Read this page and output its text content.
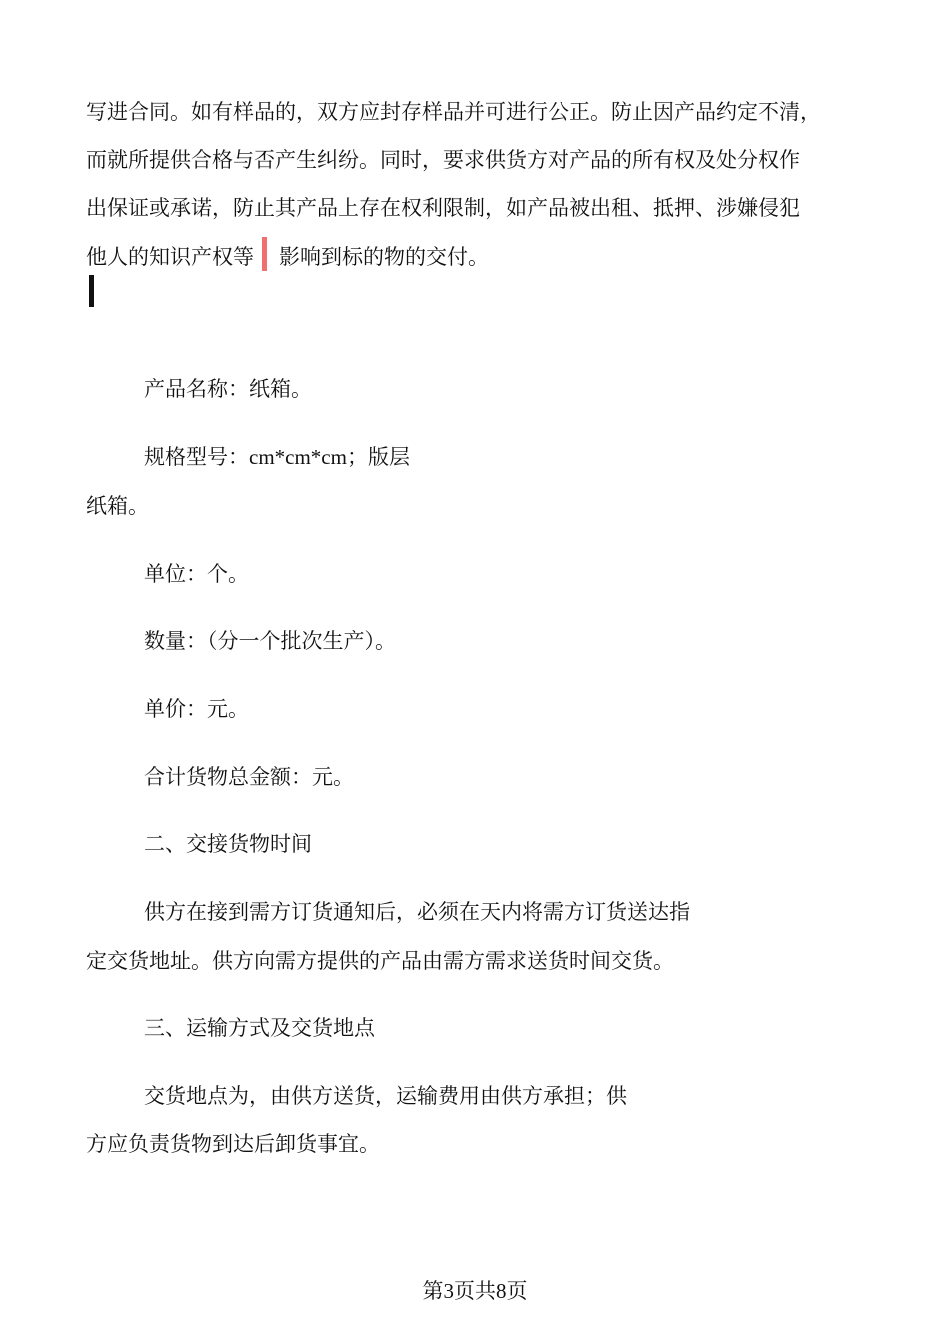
写进合同。如有样品的，双方应封存样品并可进行公正。防止因产品约定不清，

而就所提供合格与否产生纠纷。同时，要求供货方对产品的所有权及处分权作

出保证或承诺，防止其产品上存在权利限制，如产品被出租、抵押、涉嫌侵犯

他人的知识产权等 影响到标的物的交付。

产品名称：纸箱。

规格型号：cm*cm*cm；版层

纸箱。

单位：个。

数量：（分一个批次生产）。

单价：元。

合计货物总金额：元。

二、交接货物时间

供方在接到需方订货通知后，必须在天内将需方订货送达指

定交货地址。供方向需方提供的产品由需方需求送货时间交货。

三、运输方式及交货地点

交货地点为，由供方送货，运输费用由供方承担；供

方应负责货物到达后卸货事宜。

第3页共8页
